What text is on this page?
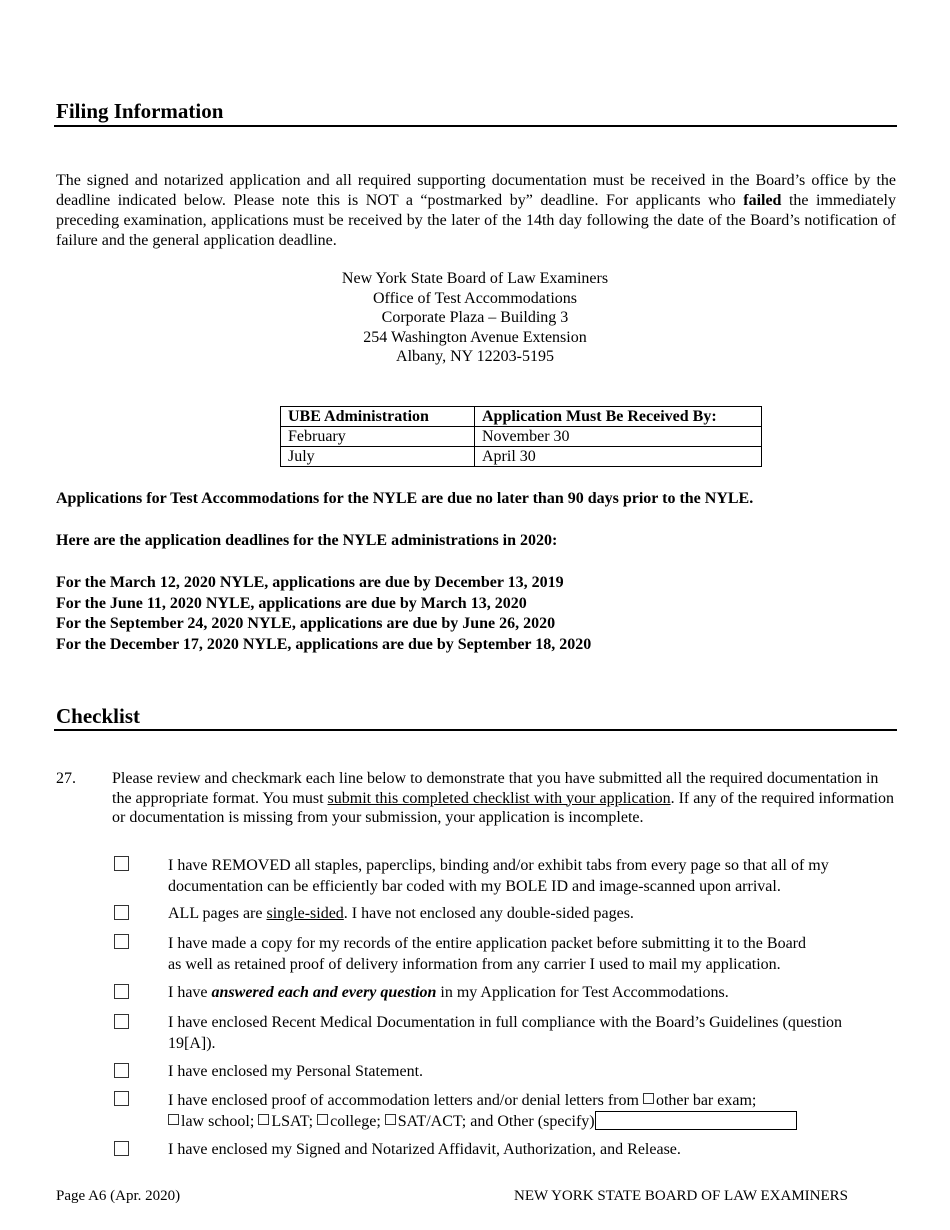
Filing Information
The signed and notarized application and all required supporting documentation must be received in the Board’s office by the deadline indicated below. Please note this is NOT a “postmarked by” deadline. For applicants who failed the immediately preceding examination, applications must be received by the later of the 14th day following the date of the Board’s notification of failure and the general application deadline.
New York State Board of Law Examiners
Office of Test Accommodations
Corporate Plaza – Building 3
254 Washington Avenue Extension
Albany, NY 12203-5195
UBE Administration	Application Must Be Received By:
February	November 30
July	April 30
Applications for Test Accommodations for the NYLE are due no later than 90 days prior to the NYLE.
Here are the application deadlines for the NYLE administrations in 2020:
For the March 12, 2020 NYLE, applications are due by December 13, 2019
For the June 11, 2020 NYLE, applications are due by March 13, 2020
For the September 24, 2020 NYLE, applications are due by June 26, 2020
For the December 17, 2020 NYLE, applications are due by September 18, 2020
Checklist
27. Please review and checkmark each line below to demonstrate that you have submitted all the required documentation in the appropriate format. You must submit this completed checklist with your application. If any of the required information or documentation is missing from your submission, your application is incomplete.
I have REMOVED all staples, paperclips, binding and/or exhibit tabs from every page so that all of my
documentation can be efficiently bar coded with my BOLE ID and image-scanned upon arrival.
ALL pages are single-sided. I have not enclosed any double-sided pages.
I have made a copy for my records of the entire application packet before submitting it to the Board
as well as retained proof of delivery information from any carrier I used to mail my application.
I have answered each and every question in my Application for Test Accommodations.
I have enclosed Recent Medical Documentation in full compliance with the Board’s Guidelines (question
19[A]).
I have enclosed my Personal Statement.
I have enclosed proof of accommodation letters and/or denial letters from other bar exam;
law school; LSAT; college; SAT/ACT; and Other (specify)
I have enclosed my Signed and Notarized Affidavit, Authorization, and Release.
Page A6 (Apr. 2020)	NEW YORK STATE BOARD OF LAW EXAMINERS
